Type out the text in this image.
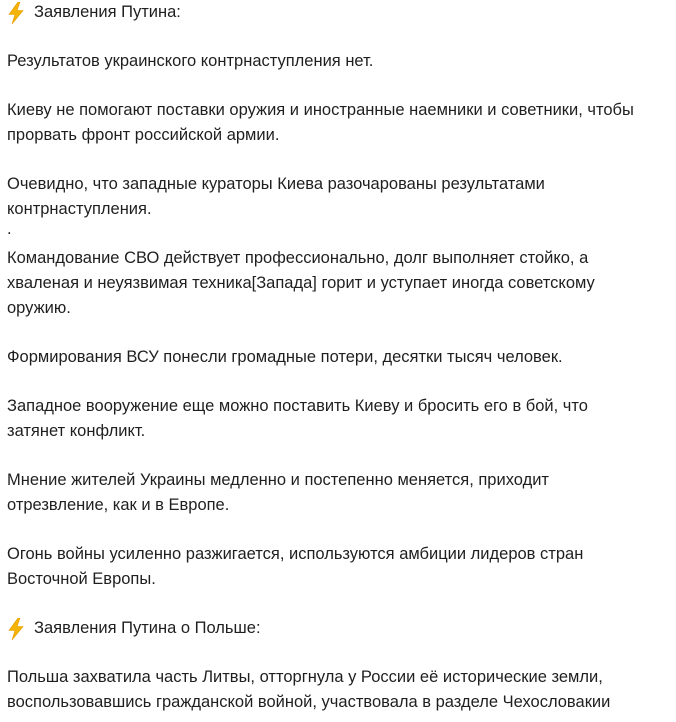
Заявления Путина:
Результатов украинского контрнаступления нет.
Киеву не помогают поставки оружия и иностранные наемники и советники, чтобы
прорвать фронт российской армии.
Очевидно, что западные кураторы Киева разочарованы результатами
контрнаступления.
.
Командование СВО действует профессионально, долг выполняет стойко, а
хваленая и неуязвимая техника[Запада] горит и уступает иногда советскому
оружию.
Формирования ВСУ понесли громадные потери, десятки тысяч человек.
Западное вооружение еще можно поставить Киеву и бросить его в бой, что
затянет конфликт.
Мнение жителей Украины медленно и постепенно меняется, приходит
отрезвление, как и в Европе.
Огонь войны усиленно разжигается, используются амбиции лидеров стран
Восточной Европы.
Заявления Путина о Польше:
Польша захватила часть Литвы, отторгнула у России её исторические земли,
воспользовавшись гражданской войной, участвовала в разделе Чехословакии
